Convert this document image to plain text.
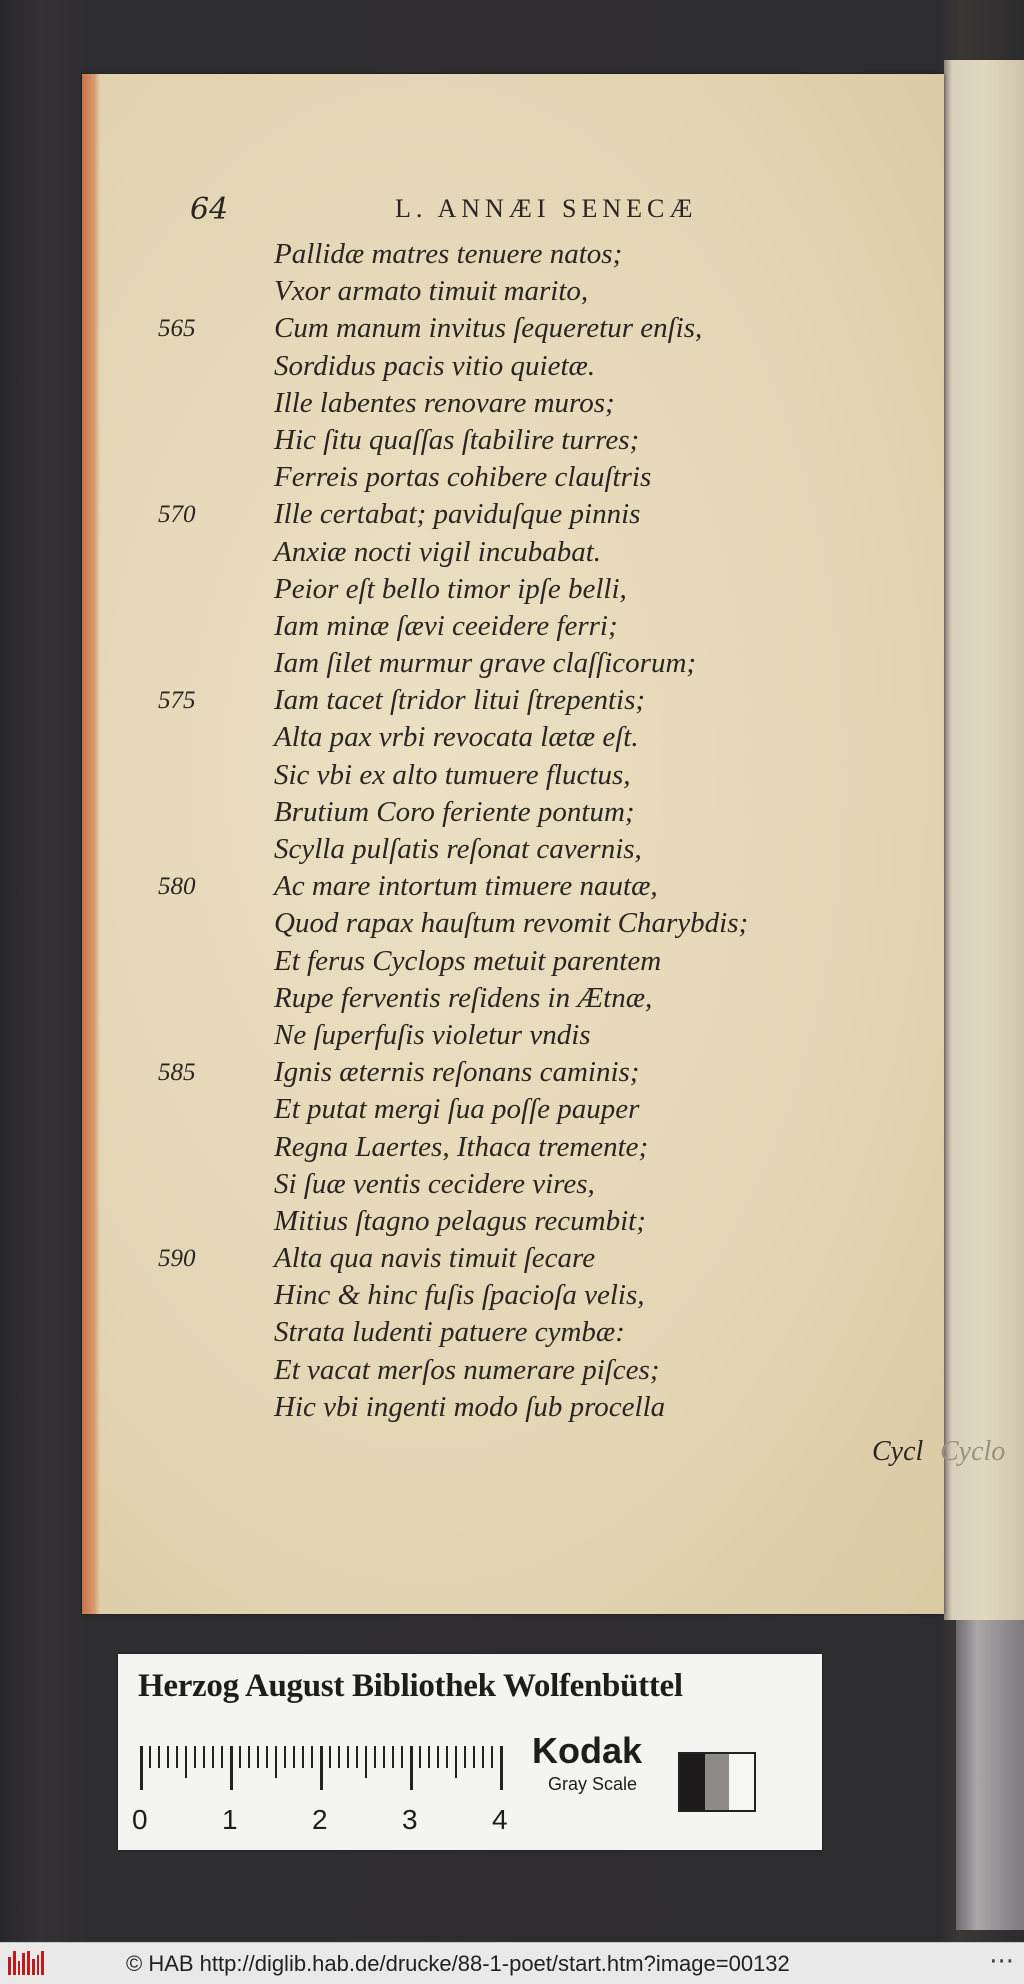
64	L. ANNÆI SENECÆ
Pallidæ matres tenuere natos;
Vxor armato timuit marito,
565	Cum manum invitus ſequeretur enſis,
Sordidus pacis vitio quietæ.
Ille labentes renovare muros;
Hic ſitu quaſſas ſtabilire turres;
Ferreis portas cohibere clauſtris
570	Ille certabat; paviduſque pinnis
Anxiæ nocti vigil incubabat.
Peior eſt bello timor ipſe belli,
Iam minæ ſævi ceeidere ferri;
Iam ſilet murmur grave claſſicorum;
575	Iam tacet ſtridor litui ſtrepentis;
Alta pax vrbi revocata lætæ eſt.
Sic vbi ex alto tumuere fluctus,
Brutium Coro feriente pontum;
Scylla pulſatis reſonat cavernis,
580	Ac mare intortum timuere nautæ,
Quod rapax hauſtum revomit Charybdis;
Et ferus Cyclops metuit parentem
Rupe ferventis reſidens in Ætnæ,
Ne ſuperfuſis violetur vndis
585	Ignis æternis reſonans caminis;
Et putat mergi ſua poſſe pauper
Regna Laertes, Ithaca tremente;
Si ſuæ ventis cecidere vires,
Mitius ſtagno pelagus recumbit;
590	Alta qua navis timuit ſecare
Hinc & hinc fuſis ſpacioſa velis,
Strata ludenti patuere cymbæ:
Et vacat merſos numerare piſces;
Hic vbi ingenti modo ſub procella
Cycl Cyclo
Herzog August Bibliothek Wolfenbüttel
Kodak
Gray Scale
0	1	2	3	4
© HAB http://diglib.hab.de/drucke/88-1-poet/start.htm?image=00132	···
